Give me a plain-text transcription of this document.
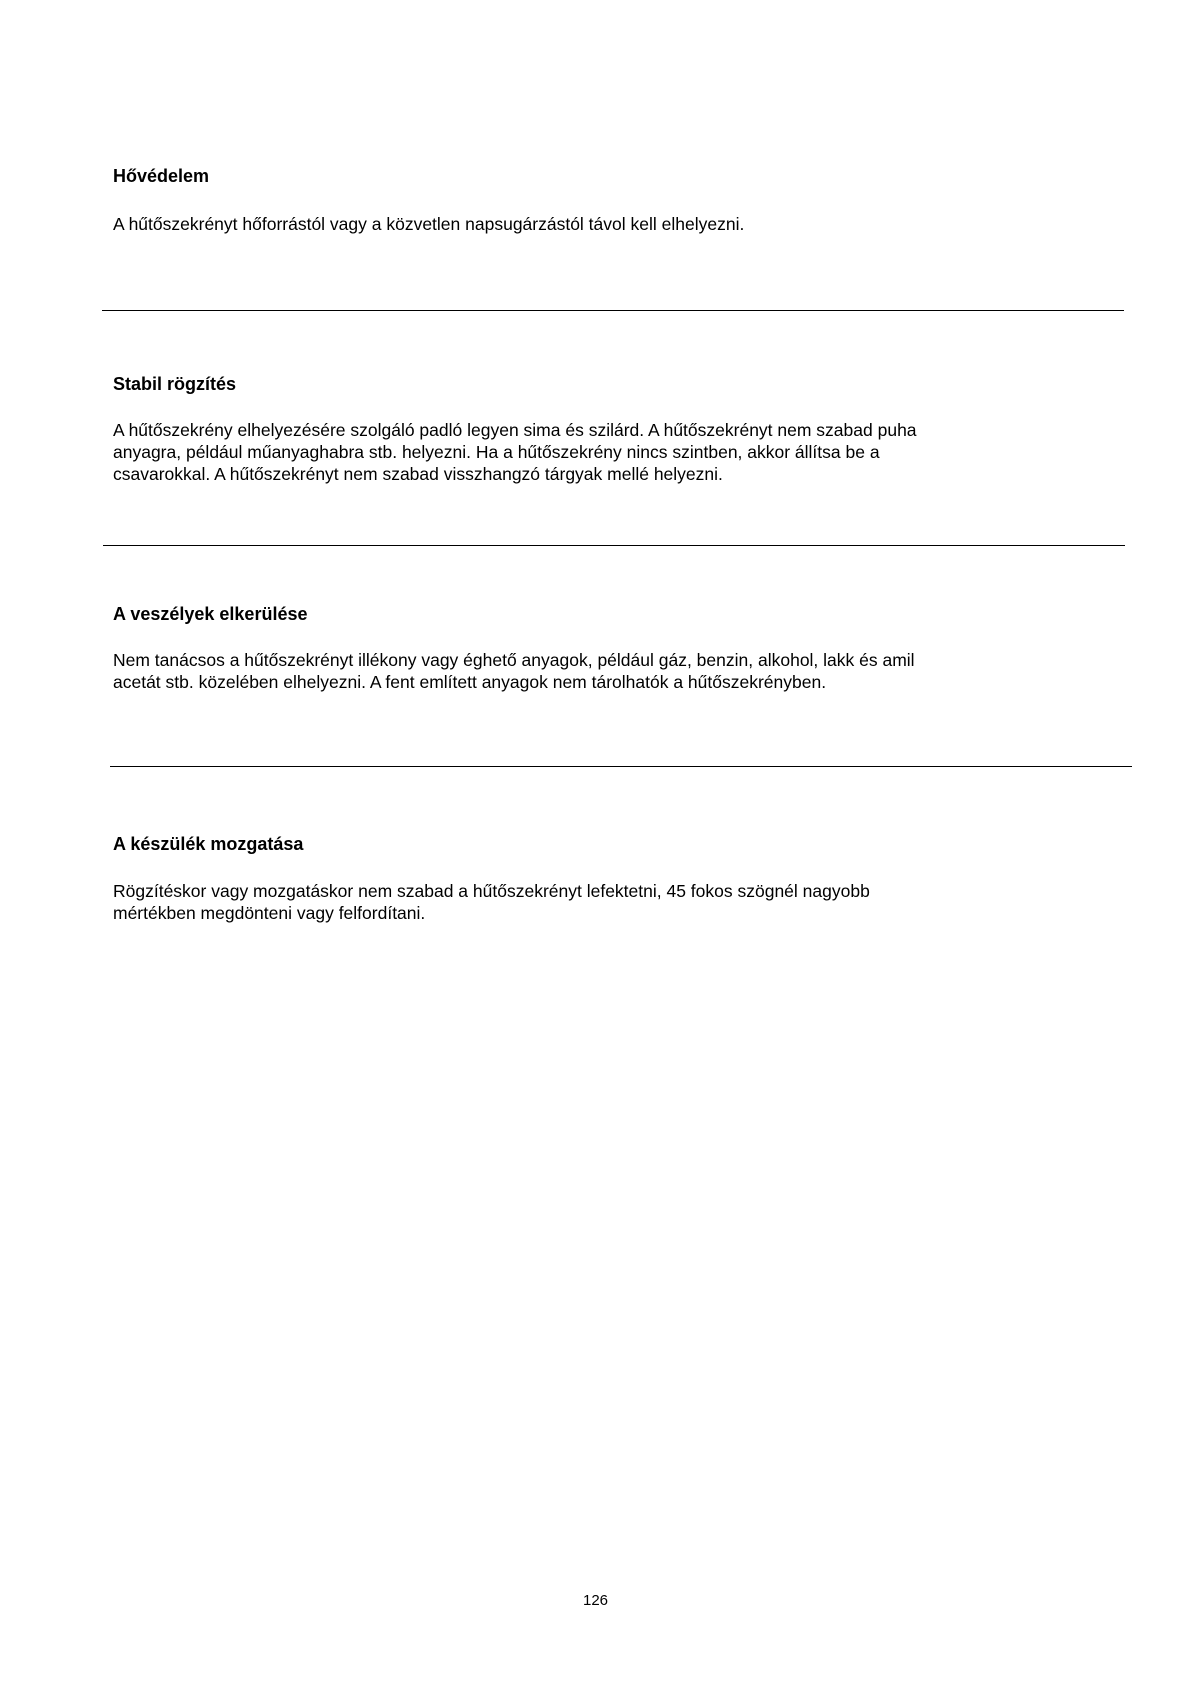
Hővédelem

A hűtőszekrényt hőforrástól vagy a közvetlen napsugárzástól távol kell elhelyezni.

Stabil rögzítés

A hűtőszekrény elhelyezésére szolgáló padló legyen sima és szilárd. A hűtőszekrényt nem szabad puha
anyagra, például műanyaghabra stb. helyezni. Ha a hűtőszekrény nincs szintben, akkor állítsa be a
csavarokkal. A hűtőszekrényt nem szabad visszhangzó tárgyak mellé helyezni.

A veszélyek elkerülése

Nem tanácsos a hűtőszekrényt illékony vagy éghető anyagok, például gáz, benzin, alkohol, lakk és amil
acetát stb. közelében elhelyezni. A fent említett anyagok nem tárolhatók a hűtőszekrényben.

A készülék mozgatása

Rögzítéskor vagy mozgatáskor nem szabad a hűtőszekrényt lefektetni, 45 fokos szögnél nagyobb
mértékben megdönteni vagy felfordítani.

126
